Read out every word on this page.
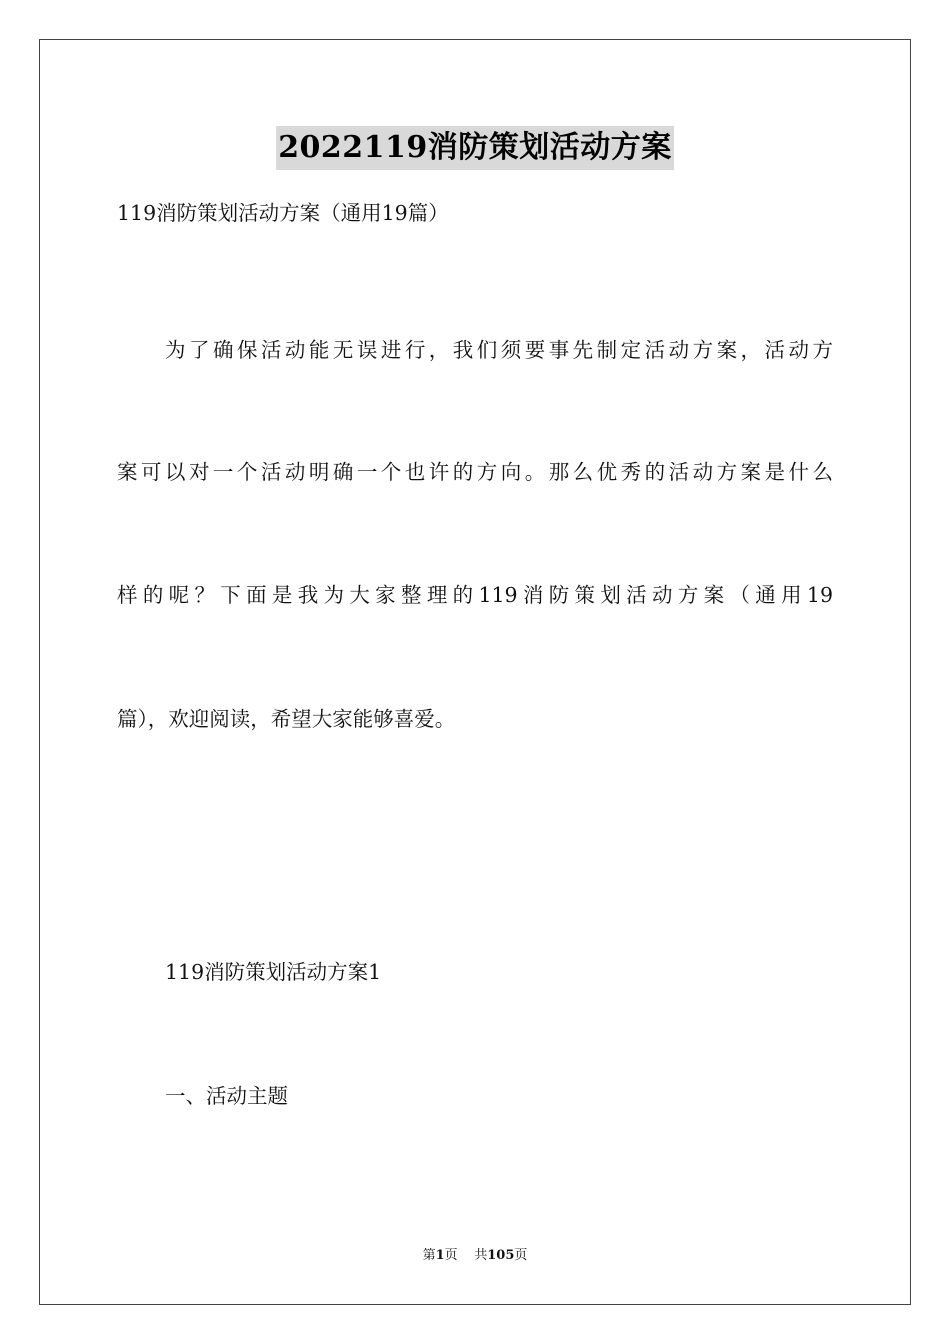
2022119消防策划活动方案
119消防策划活动方案（通用19篇）
为了确保活动能无误进行，我们须要事先制定活动方案，活动方
案可以对一个活动明确一个也许的方向。那么优秀的活动方案是什么
样的呢？下面是我为大家整理的119消防策划活动方案（通用19
篇），欢迎阅读，希望大家能够喜爱。
119消防策划活动方案1
一、活动主题
第1页 共105页
